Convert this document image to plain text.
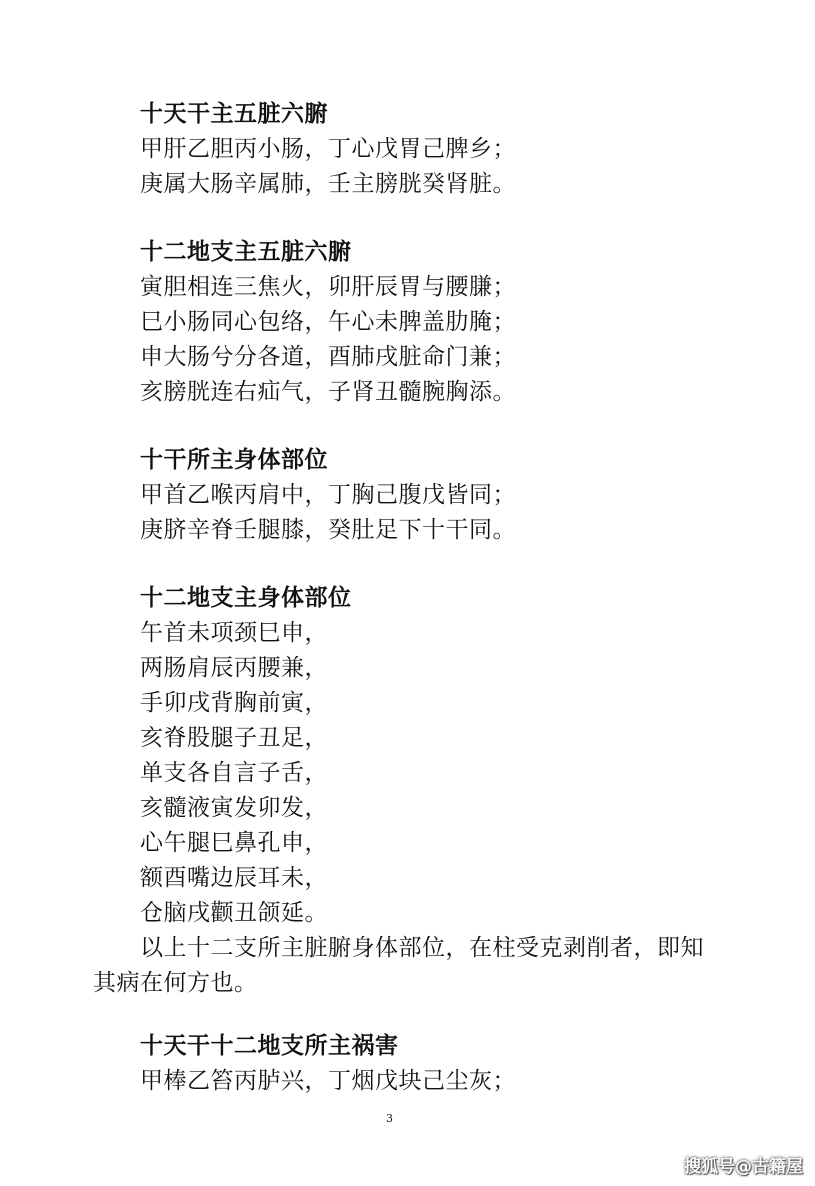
十天干主五脏六腑
甲肝乙胆丙小肠，丁心戊胃己脾乡；
庚属大肠辛属肺，壬主膀胱癸肾脏。
十二地支主五脏六腑
寅胆相连三焦火，卯肝辰胃与腰膁；
巳小肠同心包络，午心未脾盖肋腌；
申大肠兮分各道，酉肺戌脏命门兼；
亥膀胱连右疝气，子肾丑髓腕胸添。
十干所主身体部位
甲首乙喉丙肩中，丁胸己腹戊皆同；
庚脐辛脊壬腿膝，癸肚足下十干同。
十二地支主身体部位
午首未项颈巳申，
两肠肩辰丙腰兼，
手卯戌背胸前寅，
亥脊股腿子丑足，
单支各自言子舌，
亥髓液寅发卯发，
心午腿巳鼻孔申，
额酉嘴边辰耳未，
仓脑戌颧丑颌延。
以上十二支所主脏腑身体部位，在柱受克剥削者，即知
其病在何方也。
十天干十二地支所主祸害
甲棒乙笞丙胪兴，丁烟戊块己尘灰；
3
搜狐号@古籍屋
